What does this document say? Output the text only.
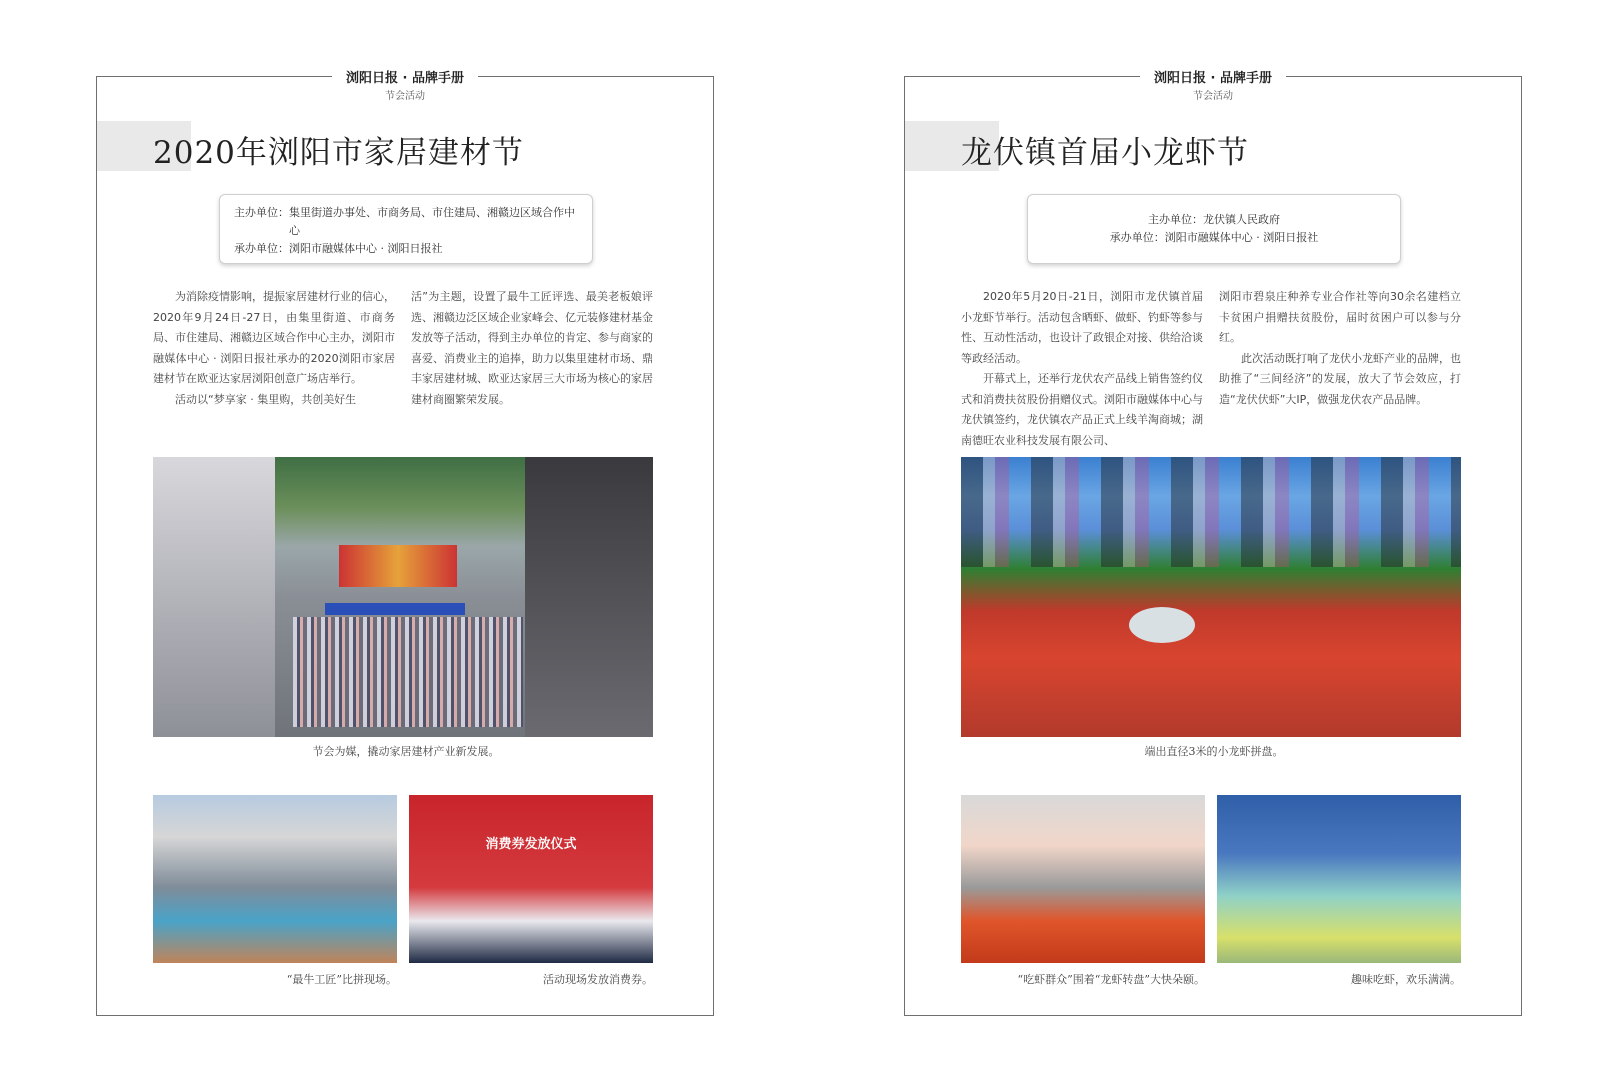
浏阳日报 · 品牌手册
节会活动
2020年浏阳市家居建材节
主办单位： 集里街道办事处、市商务局、市住建局、湘赣边区域合作中心
承办单位： 浏阳市融媒体中心 · 浏阳日报社

为消除疫情影响，提振家居建材行业的信心，2020年9月24日-27日，由集里街道、市商务局、市住建局、湘赣边区域合作中心主办，浏阳市融媒体中心 · 浏阳日报社承办的2020浏阳市家居建材节在欧亚达家居浏阳创意广场店举行。

活动以“梦享家 · 集里购，共创美好生

活”为主题，设置了最牛工匠评选、最美老板娘评选、湘赣边泛区域企业家峰会、亿元装修建材基金发放等子活动，得到主办单位的肯定、参与商家的喜爱、消费业主的追捧，助力以集里建材市场、鼎丰家居建材城、欧亚达家居三大市场为核心的家居建材商圈繁荣发展。

节会为媒，撬动家居建材产业新发展。
消费券发放仪式
“最牛工匠”比拼现场。	活动现场发放消费券。
浏阳日报 · 品牌手册
节会活动
龙伏镇首届小龙虾节
主办单位： 龙伏镇人民政府
承办单位： 浏阳市融媒体中心 · 浏阳日报社

2020年5月20日-21日，浏阳市龙伏镇首届小龙虾节举行。活动包含晒虾、做虾、钓虾等参与性、互动性活动，也设计了政银企对接、供给洽谈等政经活动。

开幕式上，还举行龙伏农产品线上销售签约仪式和消费扶贫股份捐赠仪式。浏阳市融媒体中心与龙伏镇签约，龙伏镇农产品正式上线羊淘商城；湖南德旺农业科技发展有限公司、

浏阳市碧泉庄种养专业合作社等向30余名建档立卡贫困户捐赠扶贫股份，届时贫困户可以参与分红。

此次活动既打响了龙伏小龙虾产业的品牌，也助推了“三间经济”的发展，放大了节会效应，打造“龙伏伏虾”大IP，做强龙伏农产品品牌。

端出直径3米的小龙虾拼盘。
“吃虾群众”围着“龙虾转盘”大快朵颐。	趣味吃虾，欢乐满满。
